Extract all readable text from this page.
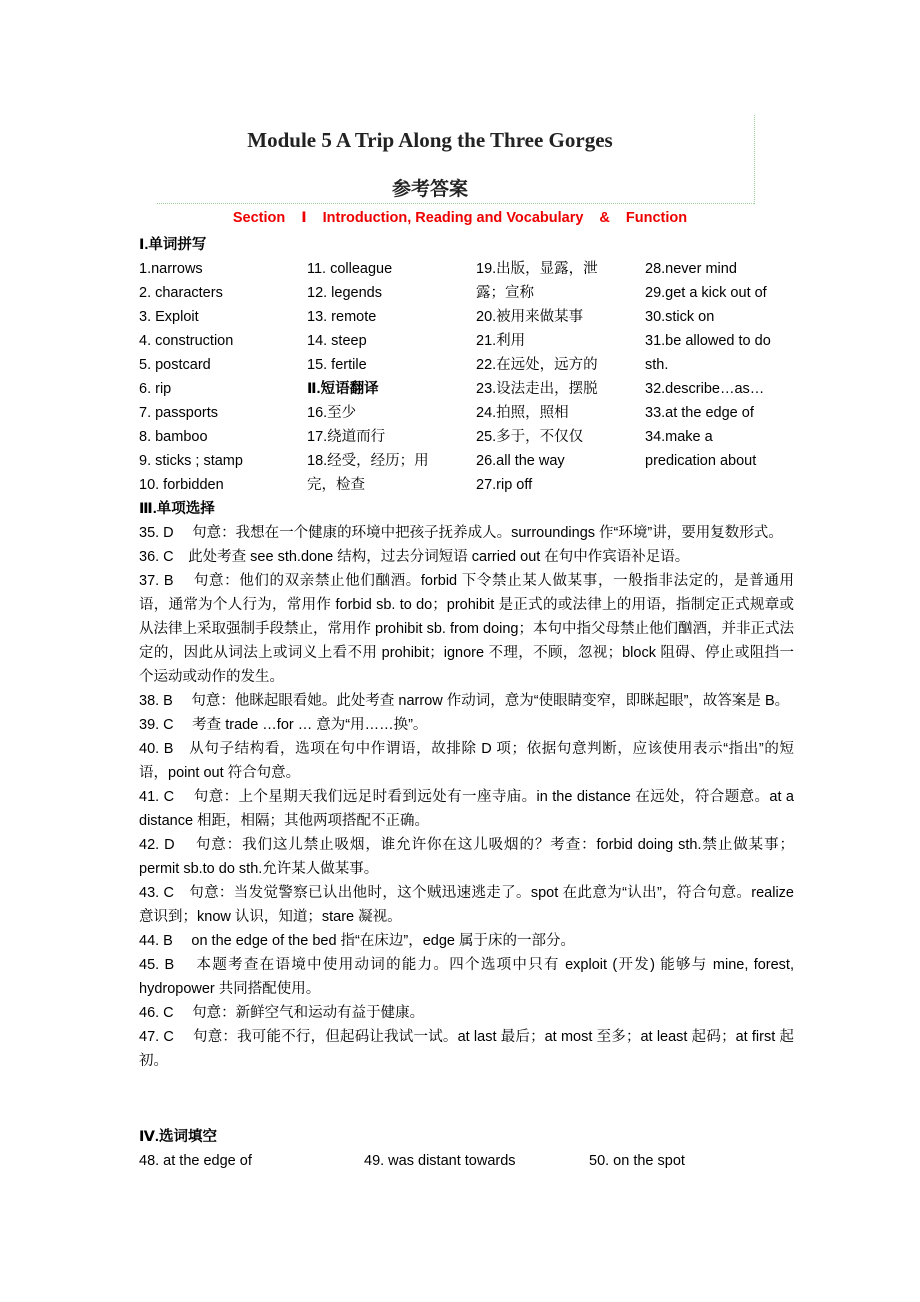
Module 5 A Trip Along the Three Gorges
参考答案
Section Ⅰ Introduction, Reading and Vocabulary & Function
Ⅰ.单词拼写
1.narrows
2. characters
3. Exploit
4. construction
5. postcard
6. rip
7. passports
8. bamboo
9. sticks ; stamp
10. forbidden
11. colleague
12. legends
13. remote
14. steep
15. fertile
Ⅱ.短语翻译
16.至少
17.绕道而行
18.经受，经历；用完，检查
19.出版，显露，泄露；宣称
20.被用来做某事
21.利用
22.在远处，远方的
23.设法走出，摆脱
24.拍照，照相
25.多于，不仅仅
26.all the way
27.rip off
28.never mind
29.get a kick out of
30.stick on
31.be allowed to do sth.
32.describe…as…
33.at the edge of
34.make a predication about
Ⅲ.单项选择

35. D　 句意：我想在一个健康的环境中把孩子抚养成人。surroundings 作“环境”讲，要用复数形式。

36. C　此处考查 see sth.done 结构，过去分词短语 carried out 在句中作宾语补足语。

37. B　 句意：他们的双亲禁止他们酗酒。forbid 下令禁止某人做某事，一般指非法定的，是普通用语，通常为个人行为，常用作 forbid sb. to do；prohibit 是正式的或法律上的用语，指制定正式规章或从法律上采取强制手段禁止，常用作 prohibit sb. from doing；本句中指父母禁止他们酗酒，并非正式法定的，因此从词法上或词义上看不用 prohibit；ignore 不理，不顾，忽视；block 阻碍、停止或阻挡一个运动或动作的发生。

38. B　 句意：他眯起眼看她。此处考查 narrow 作动词，意为“使眼睛变窄，即眯起眼”，故答案是 B。

39. C　 考查 trade …for … 意为“用……换”。

40. B　从句子结构看，选项在句中作谓语，故排除 D 项；依据句意判断，应该使用表示“指出”的短语，point out 符合句意。

41. C　 句意：上个星期天我们远足时看到远处有一座寺庙。in the distance 在远处，符合题意。at a distance 相距，相隔；其他两项搭配不正确。

42. D　 句意：我们这儿禁止吸烟，谁允许你在这儿吸烟的？考查：forbid doing sth.禁止做某事；permit sb.to do sth.允许某人做某事。

43. C　句意：当发觉警察已认出他时，这个贼迅速逃走了。spot 在此意为“认出”，符合句意。realize 意识到；know 认识，知道；stare 凝视。

44. B　 on the edge of the bed 指“在床边”，edge 属于床的一部分。

45. B　 本题考查在语境中使用动词的能力。四个选项中只有 exploit (开发) 能够与 mine, forest, hydropower 共同搭配使用。

46. C　 句意：新鲜空气和运动有益于健康。

47. C　 句意：我可能不行，但起码让我试一试。at last 最后；at most 至多；at least 起码；at first 起初。

Ⅳ.选词填空
48. at the edge of	49. was distant towards	50. on the spot
